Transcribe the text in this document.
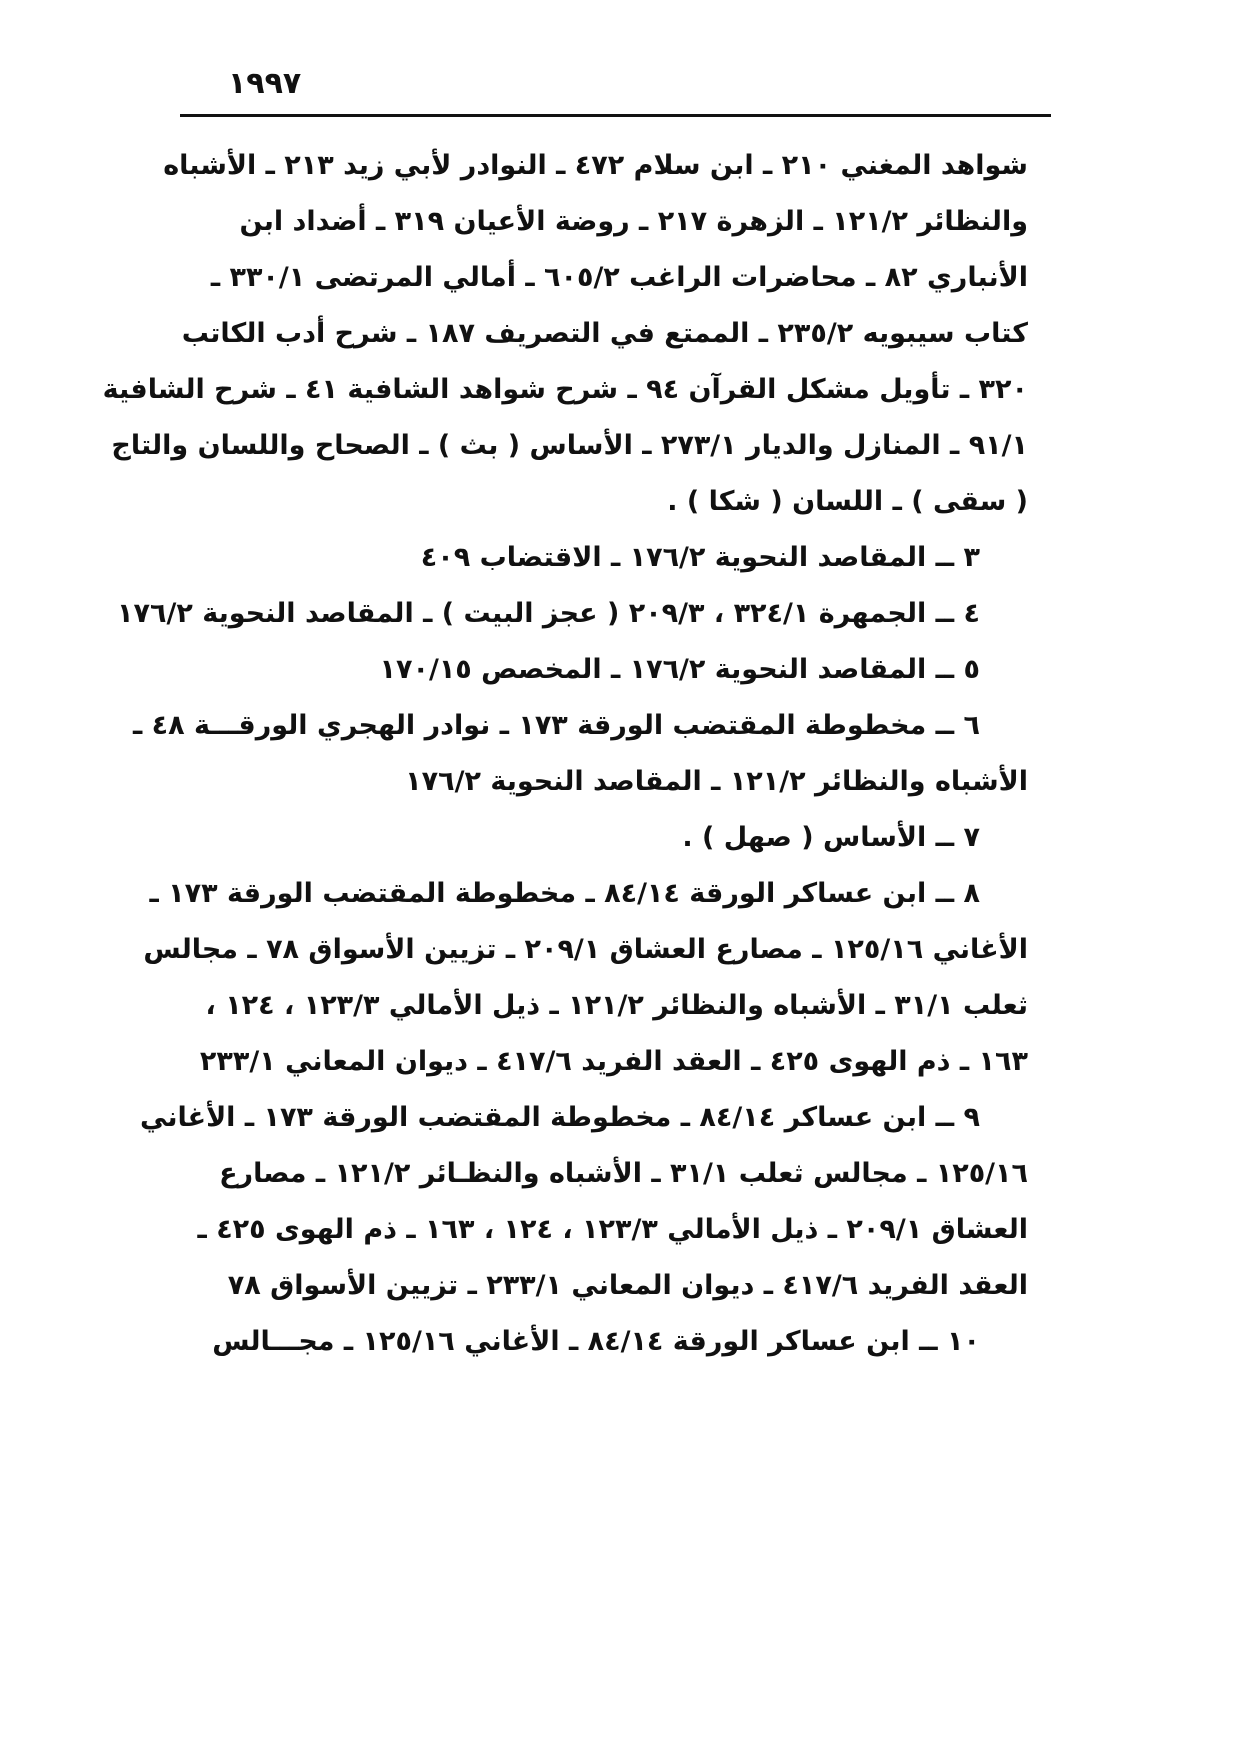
١٩٩٧
شواهد المغني ٢١٠ ـ ابن سلام ٤٧٢ ـ النوادر لأبي زيد ٢١٣ ـ الأشباه
والنظائر ١٢١/٢ ـ الزهرة ٢١٧ ـ روضة الأعيان ٣١٩ ـ أضداد ابن
الأنباري ٨٢ ـ محاضرات الراغب ٦٠٥/٢ ـ أمالي المرتضى ٣٣٠/١ ـ
كتاب سيبويه ٢٣٥/٢ ـ الممتع في التصريف ١٨٧ ـ شرح أدب الكاتب
٣٢٠ ـ تأويل مشكل القرآن ٩٤ ـ شرح شواهد الشافية ٤١ ـ شرح الشافية
٩١/١ ـ المنازل والديار ٢٧٣/١ ـ الأساس ( بث ) ـ الصحاح واللسان والتاج
( سقى ) ـ اللسان ( شكا ) .
٣ ــ المقاصد النحوية ١٧٦/٢ ـ الاقتضاب ٤٠٩
٤ ــ الجمهرة ٣٢٤/١ ، ٢٠٩/٣ ( عجز البيت ) ـ المقاصد النحوية ١٧٦/٢
٥ ــ المقاصد النحوية ١٧٦/٢ ـ المخصص ١٧٠/١٥
٦ ــ مخطوطة المقتضب الورقة ١٧٣ ـ نوادر الهجري الورقـــة ٤٨ ـ
الأشباه والنظائر ١٢١/٢ ـ المقاصد النحوية ١٧٦/٢
٧ ــ الأساس ( صهل ) .
٨ ــ ابن عساكر الورقة ٨٤/١٤ ـ مخطوطة المقتضب الورقة ١٧٣ ـ
الأغاني ١٢٥/١٦ ـ مصارع العشاق ٢٠٩/١ ـ تزيين الأسواق ٧٨ ـ مجالس
ثعلب ٣١/١ ـ الأشباه والنظائر ١٢١/٢ ـ ذيل الأمالي ١٢٣/٣ ، ١٢٤ ،
١٦٣ ـ ذم الهوى ٤٢٥ ـ العقد الفريد ٤١٧/٦ ـ ديوان المعاني ٢٣٣/١
٩ ــ ابن عساكر ٨٤/١٤ ـ مخطوطة المقتضب الورقة ١٧٣ ـ الأغاني
١٢٥/١٦ ـ مجالس ثعلب ٣١/١ ـ الأشباه والنظـائر ١٢١/٢ ـ مصارع
العشاق ٢٠٩/١ ـ ذيل الأمالي ١٢٣/٣ ، ١٢٤ ، ١٦٣ ـ ذم الهوى ٤٢٥ ـ
العقد الفريد ٤١٧/٦ ـ ديوان المعاني ٢٣٣/١ ـ تزيين الأسواق ٧٨
١٠ ــ ابن عساكر الورقة ٨٤/١٤ ـ الأغاني ١٢٥/١٦ ـ مجـــالس
